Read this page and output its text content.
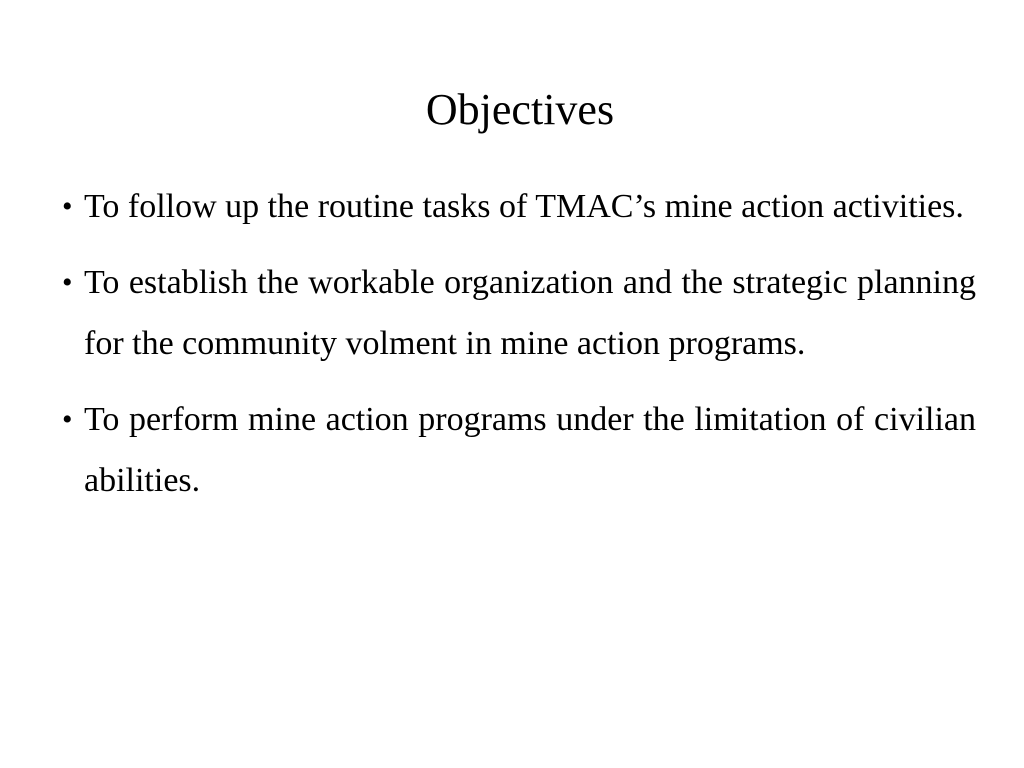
Objectives
• To follow up the routine tasks of TMAC’s mine action activities.
• To establish the workable organization and the strategic planning for the community volment in mine action programs.
• To perform mine action programs under the limitation of civilian abilities.
